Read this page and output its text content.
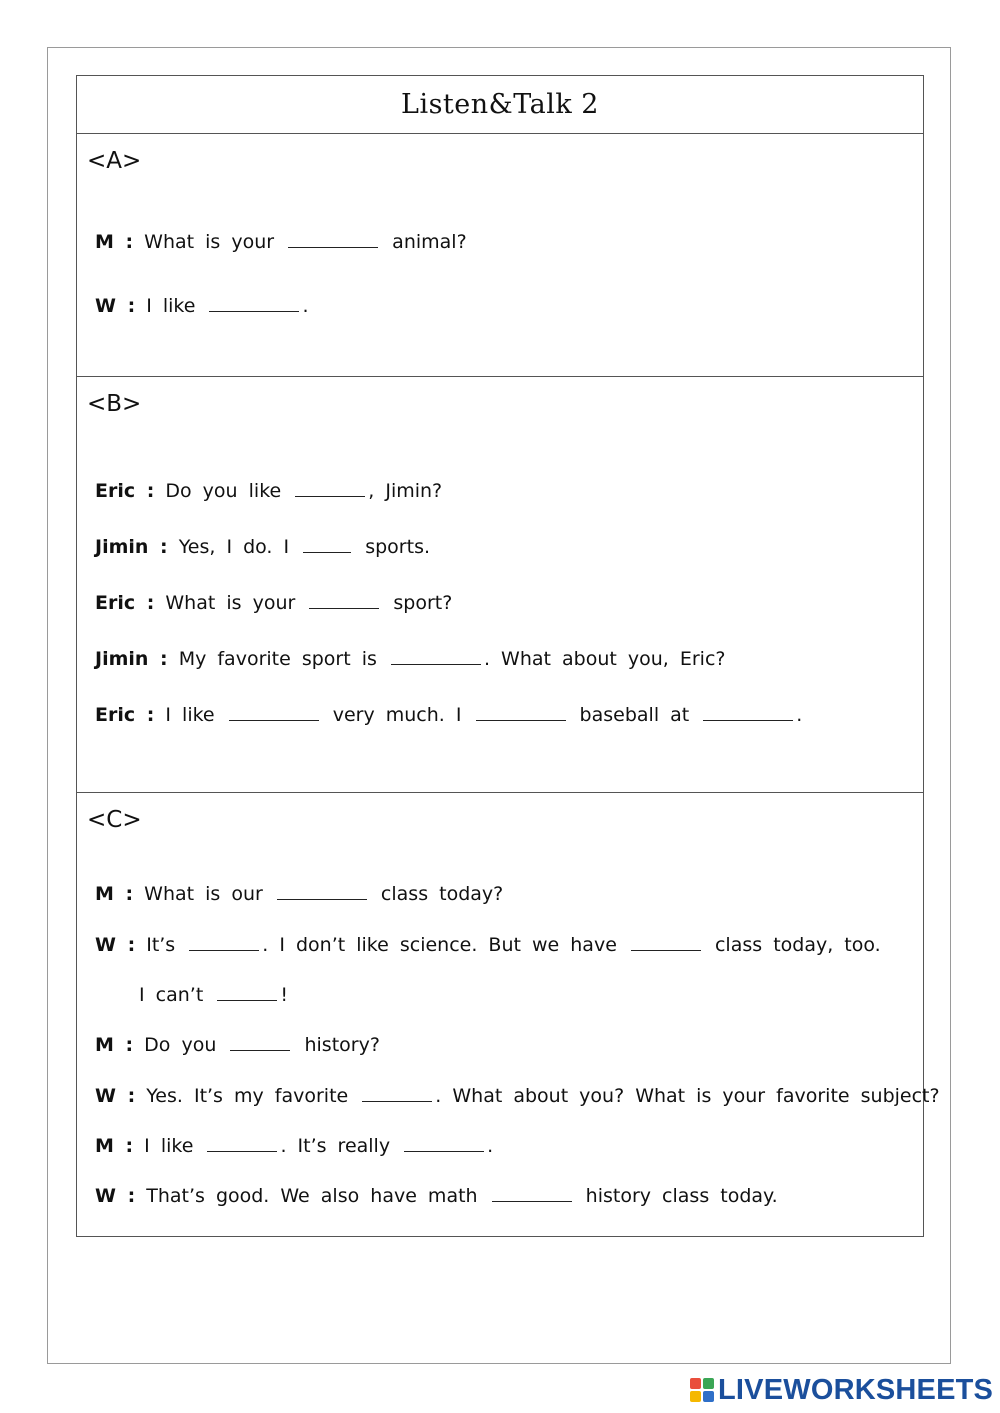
Listen&Talk 2
<A>
M : What is your	animal?
W : I like	.
<B>
Eric : Do you like	, Jimin?
Jimin : Yes, I do. I	sports.
Eric : What is your	sport?
Jimin : My favorite sport is	. What about you, Eric?
Eric : I like	very much. I	baseball at	.
<C>
M : What is our	class today?
W : It’s	. I don’t like science. But we have	class today, too.
I can’t	!
M : Do you	history?
W : Yes. It’s my favorite	. What about you? What is your favorite subject?
M : I like	. It’s really	.
W : That’s good. We also have math	history class today.
LIVEWORKSHEETS
